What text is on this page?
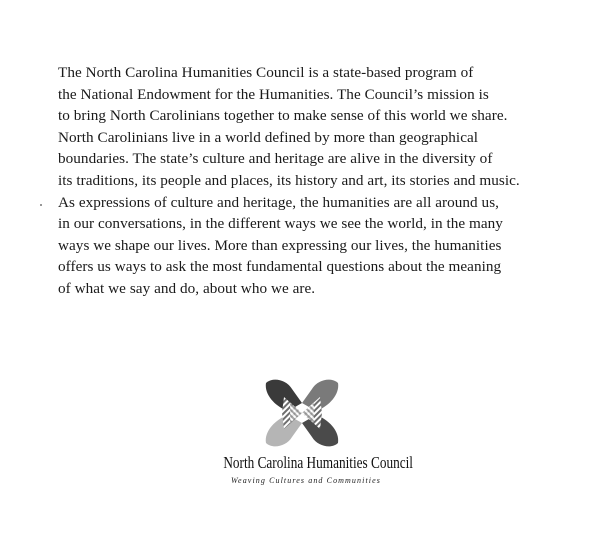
The North Carolina Humanities Council is a state-based program of
the National Endowment for the Humanities. The Council’s mission is
to bring North Carolinians together to make sense of this world we share.
North Carolinians live in a world defined by more than geographical
boundaries. The state’s culture and heritage are alive in the diversity of
its traditions, its people and places, its history and art, its stories and music.
As expressions of culture and heritage, the humanities are all around us,
in our conversations, in the different ways we see the world, in the many
ways we shape our lives. More than expressing our lives, the humanities
offers us ways to ask the most fundamental questions about the meaning
of what we say and do, about who we are.
North Carolina Humanities Council
Weaving Cultures and Communities
